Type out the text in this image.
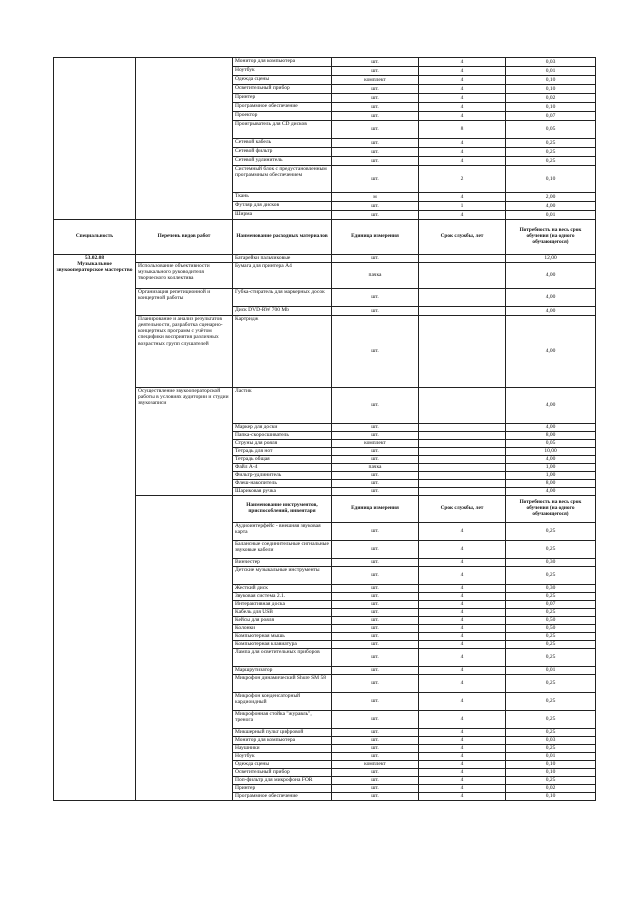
		Монитор для компьютера	шт.	4	0,03
		Ноутбук	шт.	4	0,01
		Одежда сцены	комплект	4	0,10
		Осветительный прибор	шт.	4	0,10
		Принтер	шт.	4	0,02
		Программное обеспечение	шт.	4	0,10
		Проектор	шт.	4	0,07
		Проигрыватель для CD дисков	шт.	8	0,05
		Сетевой кабель	шт.	4	0,25
		Сетевой фильтр	шт.	4	0,25
		Сетевой удлинитель	шт.	4	0,25
		Системный блок с предустановленным программным обеспечением	шт.	2	0,10
		Ткань	м	4	2,00
		Футляр для дисков	шт.	1	4,00
		Ширма	шт.	4	0,01
Специальность	Перечень видов работ	Наименование расходных материалов	Единица измерения	Срок службы, лет	Потребность на весь срок обучения (на одного обучающегося)

53.02.08
Музыкальное звукооператорское мастерство		Батарейки пальчиковые	шт.		12,00
	Использование объективности музыкального руководителя творческого коллектива	Бумага для принтера А4	пачка		4,00
	Организация репетиционной и концертной работы	Губка-стиратель для маркерных досок	шт.		4,00
		Диск DVD-RW 700 Mb	шт.		4,00
	Планирование и анализ результатов деятельности, разработка сценарно-концертных программ с учётом специфики восприятия различных возрастных групп слушателей	Картридж	шт.		4,00
	Осуществление звукооператорской работы в условиях аудитории и студии звукозаписи	Ластик	шт.		4,00
		Маркер для доски	шт.		4,00
		Папка-скоросшиватель	шт.		8,00
		Струны для рояля	комплект		0,05
		Тетрадь для нот	шт.		10,00
		Тетрадь общая	шт.		4,00
		Файл А-4	пачка		1,00
		Фильтр-удлинитель	шт.		1,00
		Флеш-накопитель	шт.		8,00
		Шариковая ручка	шт.		4,00
		Наименование инструментов, приспособлений, инвентаря	Единица измерения	Срок службы, лет	Потребность на весь срок обучения (на одного обучающегося)
		Аудиоинтерфейс - внешняя звуковая карта	шт.	4	0,25
		Балансные соединительные сигнальные звуковые кабели	шт.	4	0,25
		Винчестер	шт.	4	0,30
		Детские музыкальные инструменты	шт.	4	0,25
		Жесткий диск	шт.	4	0,30
		Звуковая система 2.1.	шт.	4	0,25
		Интерактивная доска	шт.	4	0,07
		Кабель для USB	шт.	4	0,25
		Кейсы для рояля	шт.	4	0,50
		Колонки	шт.	4	0,50
		Компьютерная мышь	шт.	4	0,25
		Компьютерная клавиатура	шт.	4	0,25
		Лампа для осветительных приборов	шт.	4	0,25
		Маршрутизатор	шт.	4	0,01
		Микрофон динамический Shure SM 58	шт.	4	0,25
		Микрофон конденсаторный кардиоидный	шт.	4	0,25
		Микрофонная стойка "журавль", тренога	шт.	4	0,25
		Микшерный пульт цифровой	шт.	4	0,25
		Монитор для компьютера	шт.	4	0,03
		Наушники	шт.	4	0,25
		Ноутбук	шт.	4	0,01
		Одежда сцены	комплект	4	0,10
		Осветительный прибор	шт.	4	0,10
		Поп-фильтр для микрофона FOR	шт.	4	0,25
		Принтер	шт.	4	0,02
		Программное обеспечение	шт.	4	0,10
